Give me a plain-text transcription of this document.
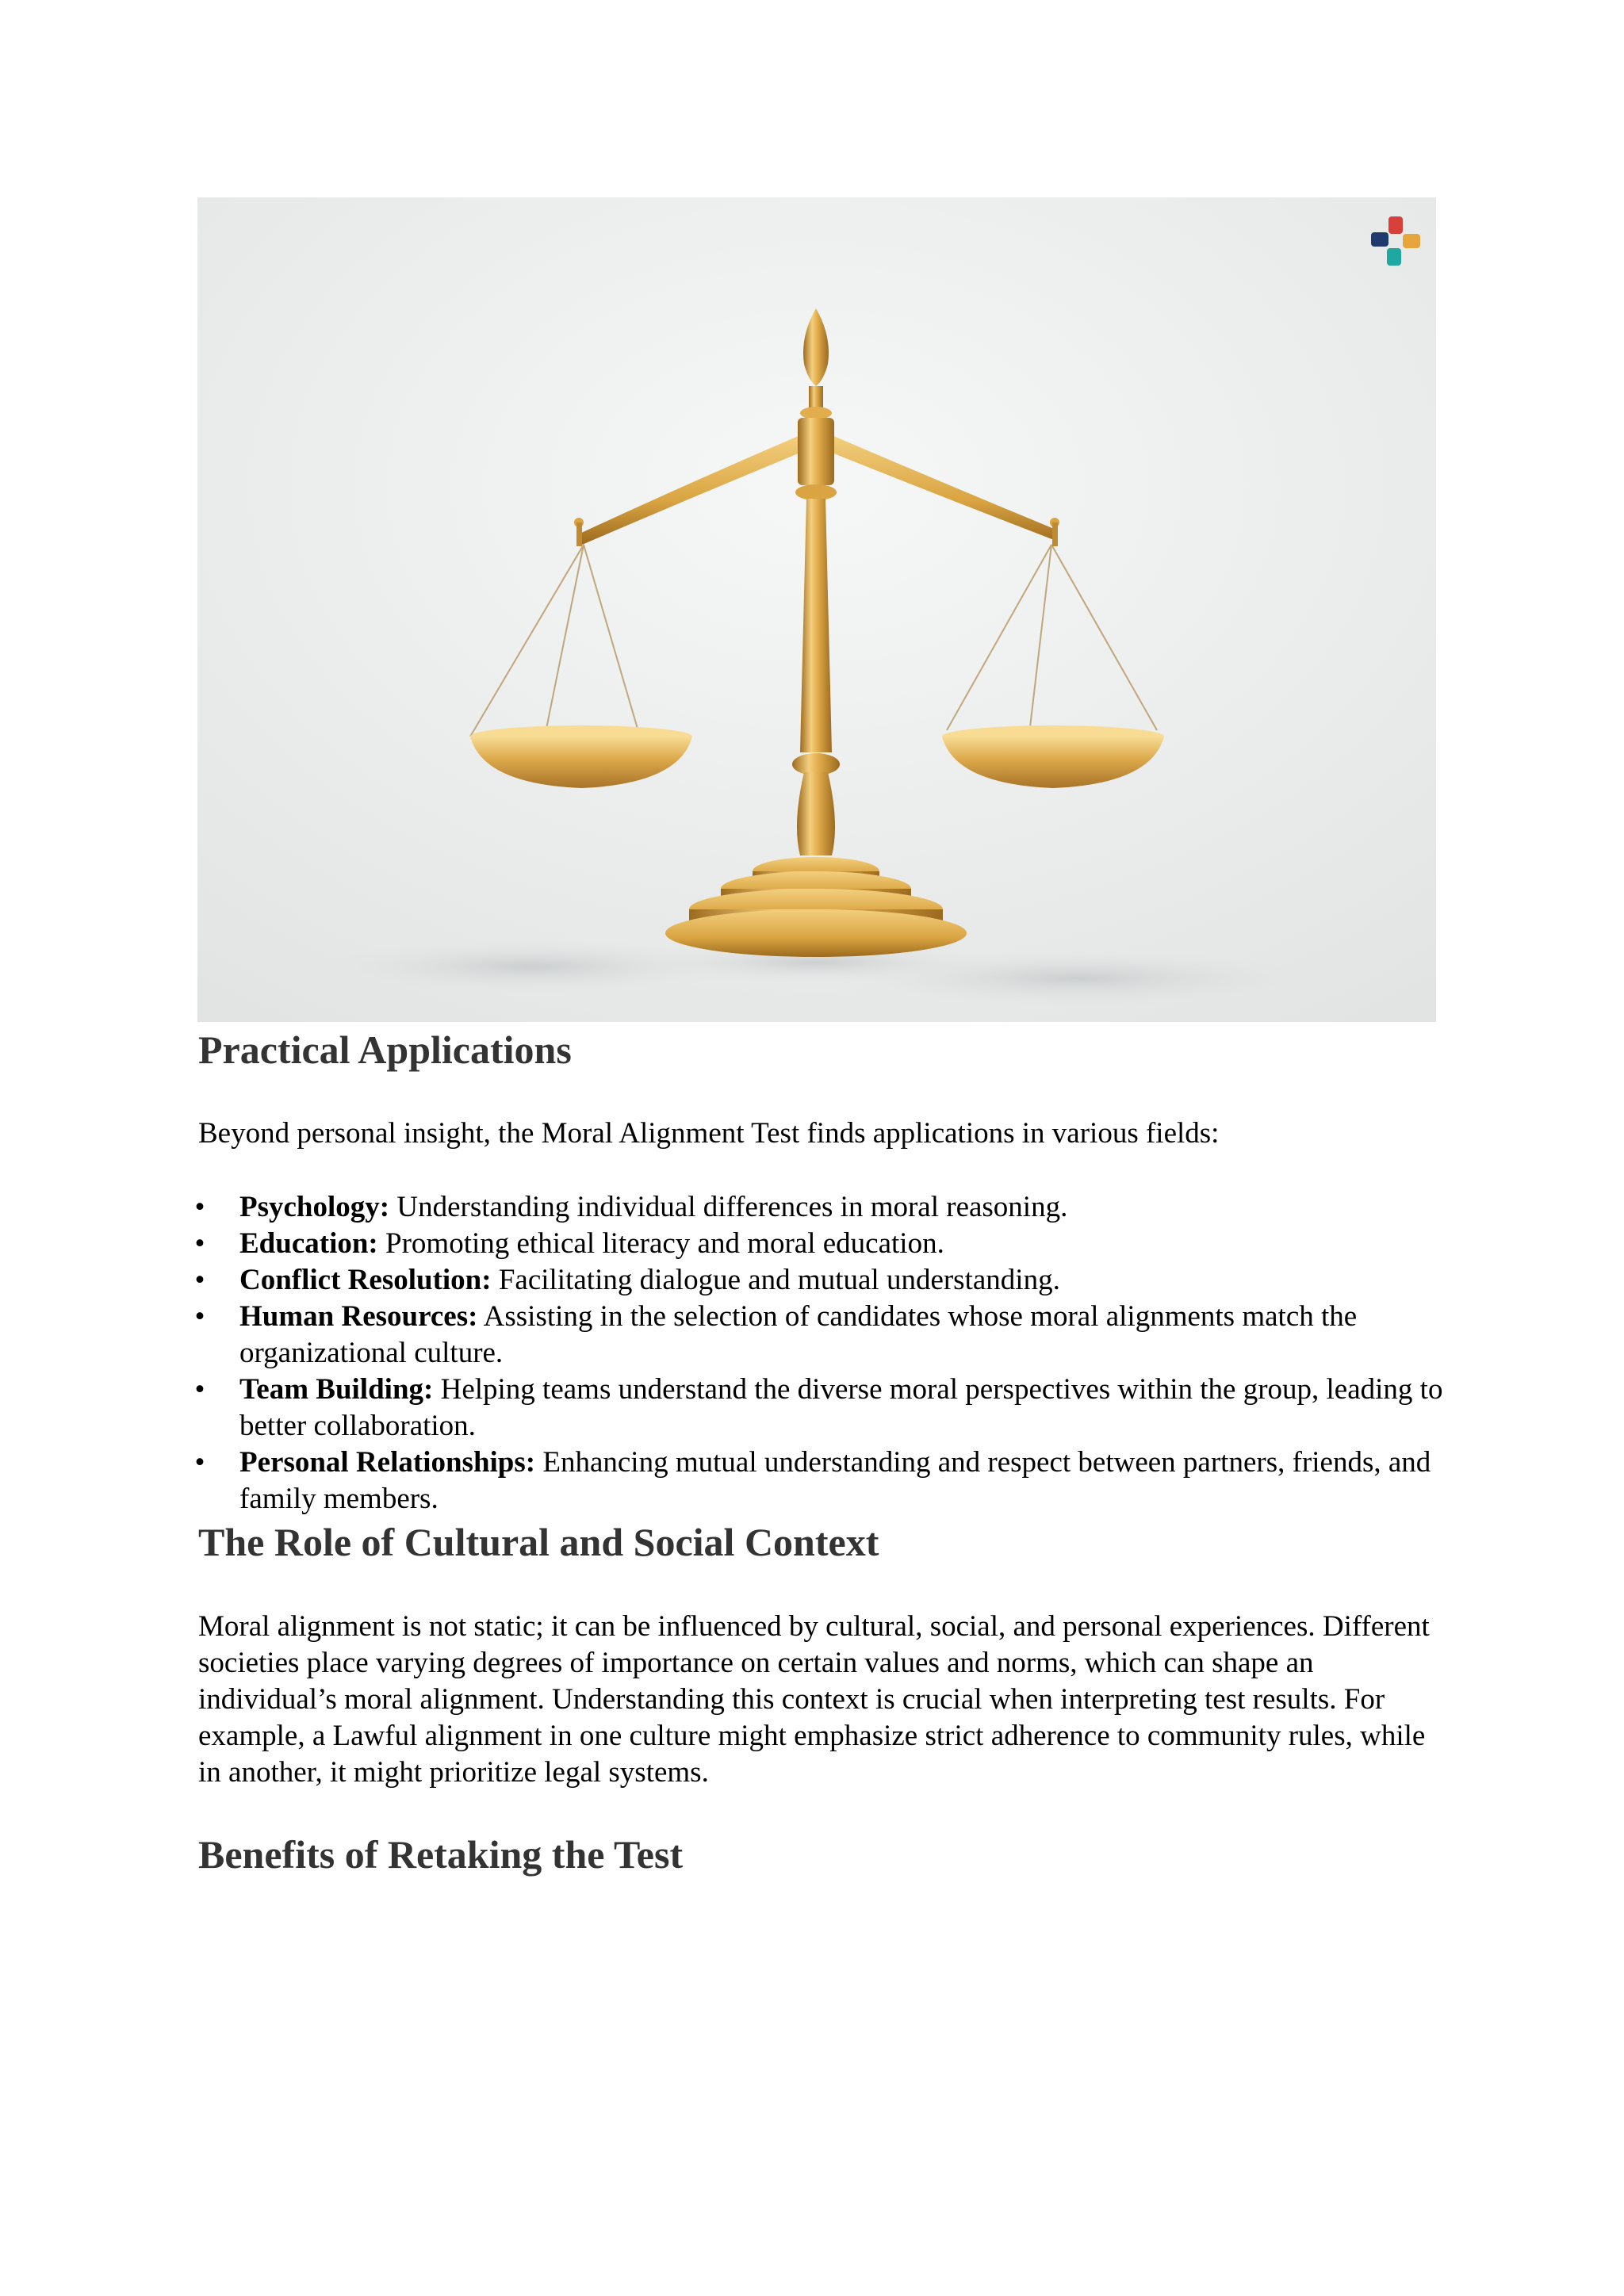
Practical Applications

Beyond personal insight, the Moral Alignment Test finds applications in various fields:

• Psychology: Understanding individual differences in moral reasoning.
• Education: Promoting ethical literacy and moral education.
• Conflict Resolution: Facilitating dialogue and mutual understanding.
• Human Resources: Assisting in the selection of candidates whose moral alignments match the organizational culture.
• Team Building: Helping teams understand the diverse moral perspectives within the group, leading to better collaboration.
• Personal Relationships: Enhancing mutual understanding and respect between partners, friends, and family members.
The Role of Cultural and Social Context

Moral alignment is not static; it can be influenced by cultural, social, and personal experiences. Different societies place varying degrees of importance on certain values and norms, which can shape an individual’s moral alignment. Understanding this context is crucial when interpreting test results. For example, a Lawful alignment in one culture might emphasize strict adherence to community rules, while in another, it might prioritize legal systems.

Benefits of Retaking the Test
